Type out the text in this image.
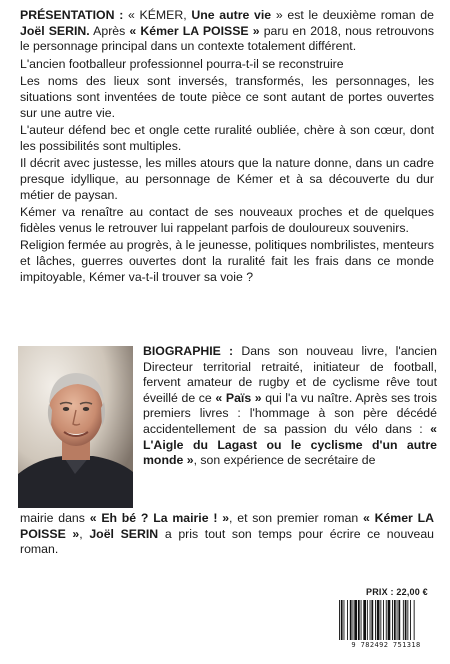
PRÉSENTATION : « KÉMER, Une autre vie » est le deuxième roman de Joël SERIN. Après « Kémer LA POISSE » paru en 2018, nous retrouvons le personnage principal dans un contexte totalement différent.

L'ancien footballeur professionnel pourra-t-il se reconstruire

Les noms des lieux sont inversés, transformés, les personnages, les situations sont inventées de toute pièce ce sont autant de portes ouvertes sur une autre vie.

L'auteur défend bec et ongle cette ruralité oubliée, chère à son cœur, dont les possibilités sont multiples.

Il décrit avec justesse, les milles atours que la nature donne, dans un cadre presque idyllique, au personnage de Kémer et à sa découverte du dur métier de paysan.

Kémer va renaître au contact de ses nouveaux proches et de quelques fidèles venus le retrouver lui rappelant parfois de douloureux souvenirs.

Religion fermée au progrès, à le jeunesse, politiques nombrilistes, menteurs et lâches, guerres ouvertes dont la ruralité fait les frais dans ce monde impitoyable, Kémer va-t-il trouver sa voie ?

BIOGRAPHIE : Dans son nouveau livre, l'ancien Directeur territorial retraité, initiateur de football, fervent amateur de rugby et de cyclisme rêve tout éveillé de ce « Païs » qui l'a vu naître. Après ses trois premiers livres : l'hommage à son père décédé accidentellement de sa passion du vélo dans : « L'Aigle du Lagast ou le cyclisme d'un autre monde », son expérience de secrétaire de

mairie dans « Eh bé ? La mairie ! », et son premier roman « Kémer LA POISSE », Joël SERIN a pris tout son temps pour écrire ce nouveau roman.

PRIX : 22,00 €
9 782492 751318
